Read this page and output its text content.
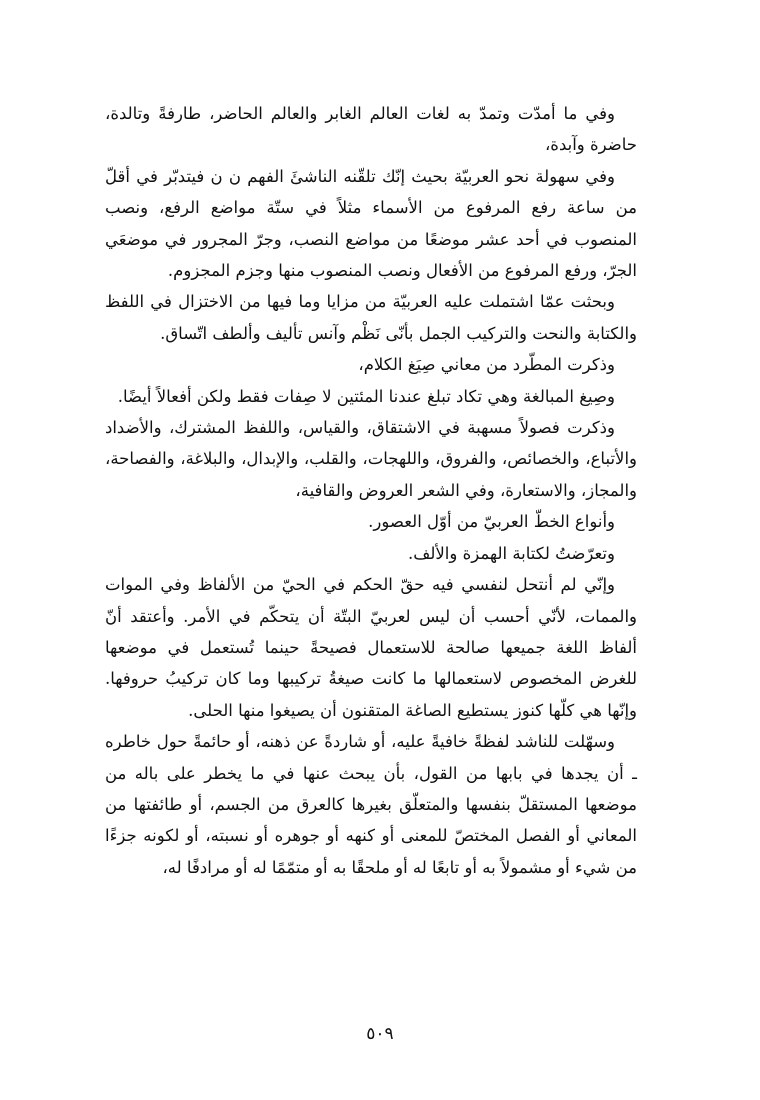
وفي ما أمدّت وتمدّ به لغات العالم الغابر والعالم الحاضر، طارفةً وتالدة، حاضرة وآبدة،

وفي سهولة نحو العربيّة بحيث إنّك تلقّنه الناشئَ الفهم ن ن فيتدبّر في أقلّ من ساعة رفع المرفوع من الأسماء مثلاً في ستّة مواضع الرفع، ونصب المنصوب في أحد عشر موضعًا من مواضع النصب، وجرّ المجرور في موضعَي الجرّ، ورفع المرفوع من الأفعال ونصب المنصوب منها وجزم المجزوم.

وبحثت عمّا اشتملت عليه العربيّة من مزايا وما فيها من الاختزال في اللفظ والكتابة والنحت والتركيب الجمل بأنّى نَظْم وآنس تأليف وألطف اتّساق.

وذكرت المطّرد من معاني صِيَغ الكلام،

وصِيغ المبالغة وهي تكاد تبلغ عندنا المئتين لا صِفات فقط ولكن أفعالاً أيضًا.

وذكرت فصولاً مسهبة في الاشتقاق، والقياس، واللفظ المشترك، والأضداد والأتباع، والخصائص، والفروق، واللهجات، والقلب، والإبدال، والبلاغة، والفصاحة، والمجاز، والاستعارة، وفي الشعر العروض والقافية،

وأنواع الخطّ العربيّ من أوّل العصور.

وتعرّضتُ لكتابة الهمزة والألف.

وإنّي لم أنتحل لنفسي فيه حقّ الحكم في الحيّ من الألفاظ وفي الموات والممات، لأنّي أحسب أن ليس لعربيّ البتّة أن يتحكّم في الأمر. وأعتقد أنّ ألفاظ اللغة جميعها صالحة للاستعمال فصيحةً حينما تُستعمل في موضعها للغرض المخصوص لاستعمالها ما كانت صيغةُ تركيبها وما كان تركيبُ حروفها. وإنّها هي كلّها كنوز يستطيع الصاغة المتقنون أن يصيغوا منها الحلى.

وسهّلت للناشد لفظةً خافيةً عليه، أو شاردةً عن ذهنه، أو حائمةً حول خاطره ـ أن يجدها في بابها من القول، بأن يبحث عنها في ما يخطر على باله من موضعها المستقلّ بنفسها والمتعلّق بغيرها كالعرق من الجسم، أو طائفتها من المعاني أو الفصل المختصّ للمعنى أو كنهه أو جوهره أو نسبته، أو لكونه جزءًا من شيء أو مشمولاً به أو تابعًا له أو ملحقًا به أو متمّمًا له أو مرادفًا له،

٥٠٩
